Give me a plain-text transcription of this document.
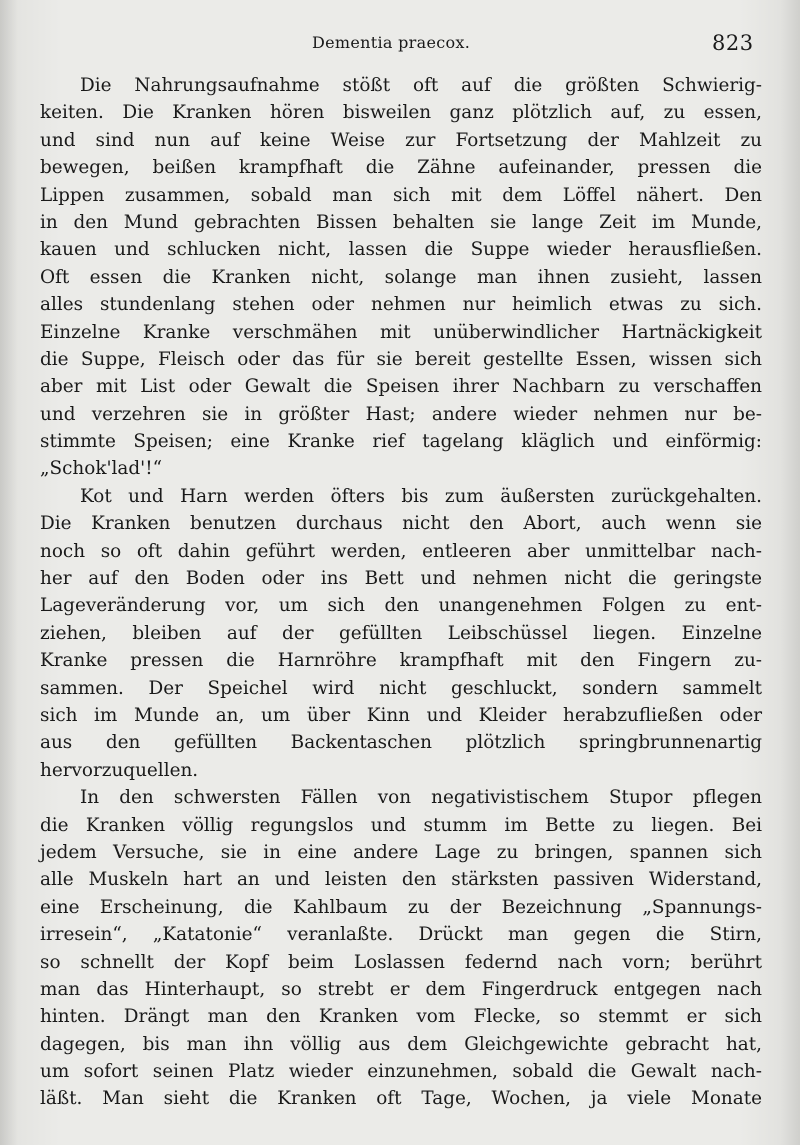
Dementia praecox.	823
Die Nahrungsaufnahme stößt oft auf die größten Schwierig-
keiten. Die Kranken hören bisweilen ganz plötzlich auf, zu essen,
und sind nun auf keine Weise zur Fortsetzung der Mahlzeit zu
bewegen, beißen krampfhaft die Zähne aufeinander, pressen die
Lippen zusammen, sobald man sich mit dem Löffel nähert. Den
in den Mund gebrachten Bissen behalten sie lange Zeit im Munde,
kauen und schlucken nicht, lassen die Suppe wieder herausfließen.
Oft essen die Kranken nicht, solange man ihnen zusieht, lassen
alles stundenlang stehen oder nehmen nur heimlich etwas zu sich.
Einzelne Kranke verschmähen mit unüberwindlicher Hartnäckigkeit
die Suppe, Fleisch oder das für sie bereit gestellte Essen, wissen sich
aber mit List oder Gewalt die Speisen ihrer Nachbarn zu verschaffen
und verzehren sie in größter Hast; andere wieder nehmen nur be-
stimmte Speisen; eine Kranke rief tagelang kläglich und einförmig:
„Schok'lad'!“
Kot und Harn werden öfters bis zum äußersten zurückgehalten.
Die Kranken benutzen durchaus nicht den Abort, auch wenn sie
noch so oft dahin geführt werden, entleeren aber unmittelbar nach-
her auf den Boden oder ins Bett und nehmen nicht die geringste
Lageveränderung vor, um sich den unangenehmen Folgen zu ent-
ziehen, bleiben auf der gefüllten Leibschüssel liegen. Einzelne
Kranke pressen die Harnröhre krampfhaft mit den Fingern zu-
sammen. Der Speichel wird nicht geschluckt, sondern sammelt
sich im Munde an, um über Kinn und Kleider herabzufließen oder
aus den gefüllten Backentaschen plötzlich springbrunnenartig
hervorzuquellen.
In den schwersten Fällen von negativistischem Stupor pflegen
die Kranken völlig regungslos und stumm im Bette zu liegen. Bei
jedem Versuche, sie in eine andere Lage zu bringen, spannen sich
alle Muskeln hart an und leisten den stärksten passiven Widerstand,
eine Erscheinung, die Kahlbaum zu der Bezeichnung „Spannungs-
irresein“, „Katatonie“ veranlaßte. Drückt man gegen die Stirn,
so schnellt der Kopf beim Loslassen federnd nach vorn; berührt
man das Hinterhaupt, so strebt er dem Fingerdruck entgegen nach
hinten. Drängt man den Kranken vom Flecke, so stemmt er sich
dagegen, bis man ihn völlig aus dem Gleichgewichte gebracht hat,
um sofort seinen Platz wieder einzunehmen, sobald die Gewalt nach-
läßt. Man sieht die Kranken oft Tage, Wochen, ja viele Monate
